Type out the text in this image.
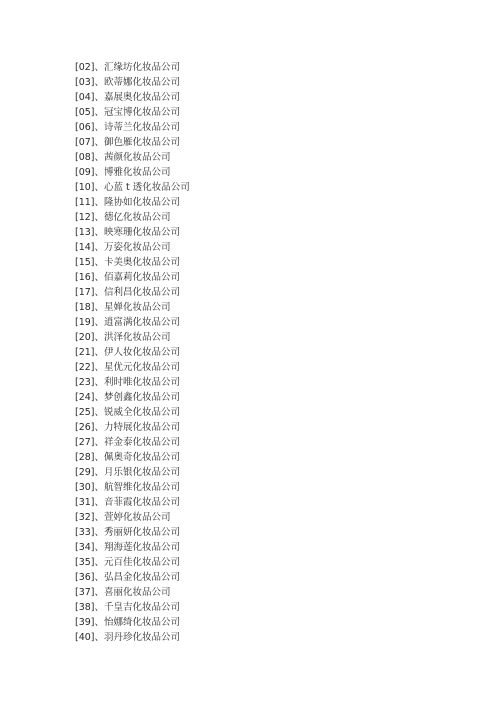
[02]、汇缘坊化妆品公司
[03]、欧蒂娜化妆品公司
[04]、嘉展奥化妆品公司
[05]、冠宝博化妆品公司
[06]、诗蒂兰化妆品公司
[07]、御色雁化妆品公司
[08]、茜颜化妆品公司
[09]、博雅化妆品公司
[10]、心蓝 t 透化妆品公司
[11]、隆协如化妆品公司
[12]、德亿化妆品公司
[13]、映寒珊化妆品公司
[14]、万姿化妆品公司
[15]、卡美奥化妆品公司
[16]、佰嘉莉化妆品公司
[17]、信利昌化妆品公司
[18]、星婵化妆品公司
[19]、逍富满化妆品公司
[20]、洪泽化妆品公司
[21]、伊人妆化妆品公司
[22]、星优元化妆品公司
[23]、利时唯化妆品公司
[24]、梦创鑫化妆品公司
[25]、锐威全化妆品公司
[26]、力特展化妆品公司
[27]、祥金泰化妆品公司
[28]、佩奥奇化妆品公司
[29]、月乐银化妆品公司
[30]、航智维化妆品公司
[31]、音菲霞化妆品公司
[32]、萱婷化妆品公司
[33]、秀丽妍化妆品公司
[34]、翔海莲化妆品公司
[35]、元百佳化妆品公司
[36]、弘昌金化妆品公司
[37]、喜丽化妆品公司
[38]、千皇吉化妆品公司
[39]、怡娜绮化妆品公司
[40]、羽丹珍化妆品公司
